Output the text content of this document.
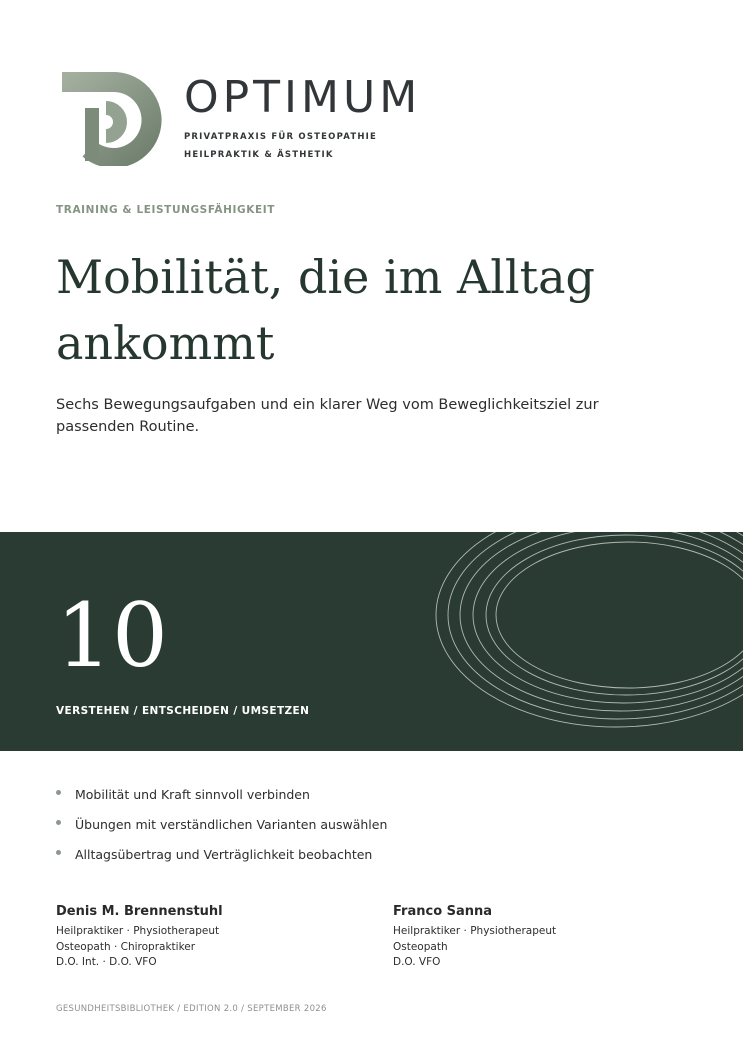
OPTIMUM
PRIVATPRAXIS FÜR OSTEOPATHIE
HEILPRAKTIK & ÄSTHETIK
TRAINING & LEISTUNGSFÄHIGKEIT
Mobilität, die im Alltag ankommt

Sechs Bewegungsaufgaben und ein klarer Weg vom Beweglichkeitsziel zur passenden Routine.

10
VERSTEHEN / ENTSCHEIDEN / UMSETZEN
Mobilität und Kraft sinnvoll verbinden
Übungen mit verständlichen Varianten auswählen
Alltagsübertrag und Verträglichkeit beobachten
Denis M. Brennenstuhl
Heilpraktiker · Physiotherapeut
Osteopath · Chiropraktiker
D.O. Int. · D.O. VFO
Franco Sanna
Heilpraktiker · Physiotherapeut
Osteopath
D.O. VFO
GESUNDHEITSBIBLIOTHEK / EDITION 2.0 / SEPTEMBER 2026
